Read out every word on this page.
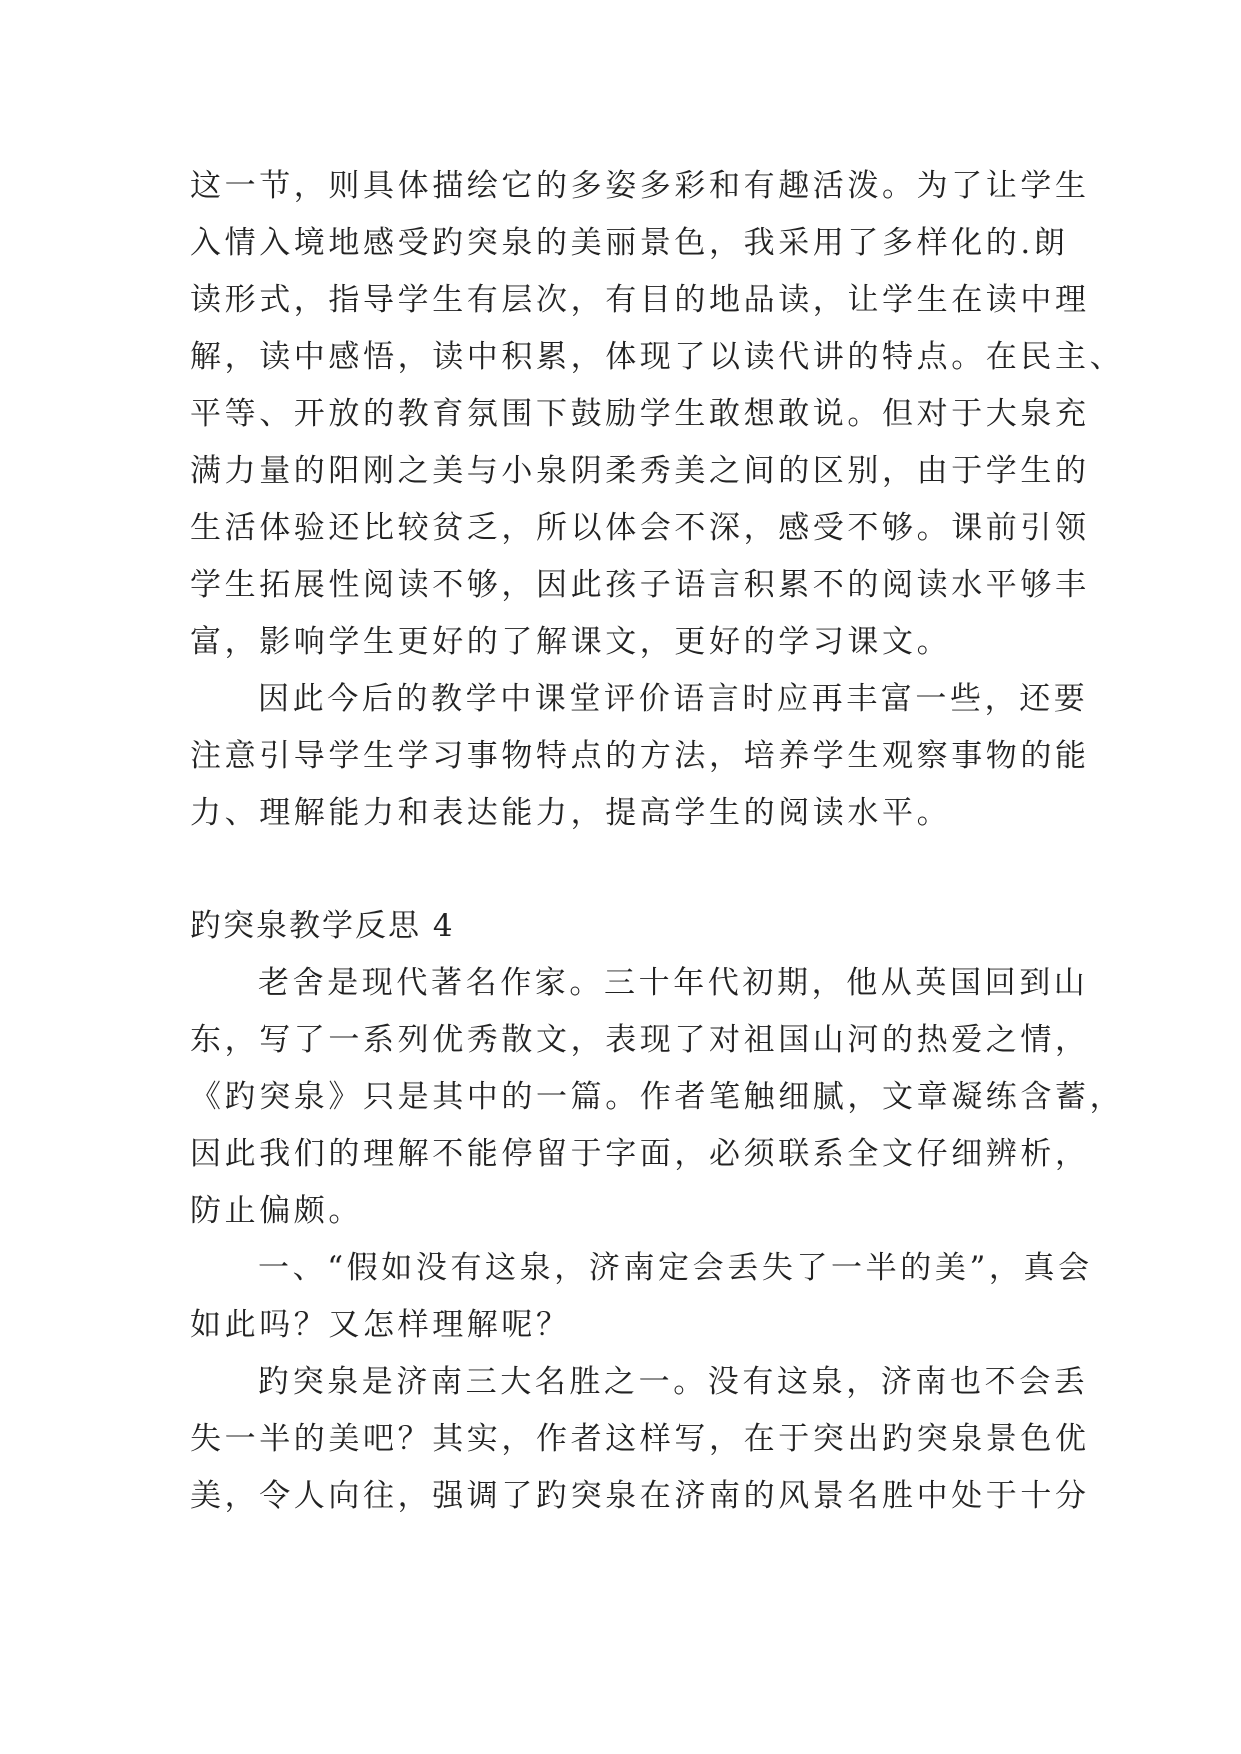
这一节，则具体描绘它的多姿多彩和有趣活泼。为了让学生
入情入境地感受趵突泉的美丽景色，我采用了多样化的.朗
读形式，指导学生有层次，有目的地品读，让学生在读中理
解，读中感悟，读中积累，体现了以读代讲的特点。在民主、
平等、开放的教育氛围下鼓励学生敢想敢说。但对于大泉充
满力量的阳刚之美与小泉阴柔秀美之间的区别，由于学生的
生活体验还比较贫乏，所以体会不深，感受不够。课前引领
学生拓展性阅读不够，因此孩子语言积累不的阅读水平够丰
富，影响学生更好的了解课文，更好的学习课文。
因此今后的教学中课堂评价语言时应再丰富一些，还要
注意引导学生学习事物特点的方法，培养学生观察事物的能
力、理解能力和表达能力，提高学生的阅读水平。
趵突泉教学反思 4
老舍是现代著名作家。三十年代初期，他从英国回到山
东，写了一系列优秀散文，表现了对祖国山河的热爱之情，
《趵突泉》只是其中的一篇。作者笔触细腻，文章凝练含蓄，
因此我们的理解不能停留于字面，必须联系全文仔细辨析，
防止偏颇。
一、“假如没有这泉，济南定会丢失了一半的美”，真会
如此吗？又怎样理解呢？
趵突泉是济南三大名胜之一。没有这泉，济南也不会丢
失一半的美吧？其实，作者这样写，在于突出趵突泉景色优
美，令人向往，强调了趵突泉在济南的风景名胜中处于十分
